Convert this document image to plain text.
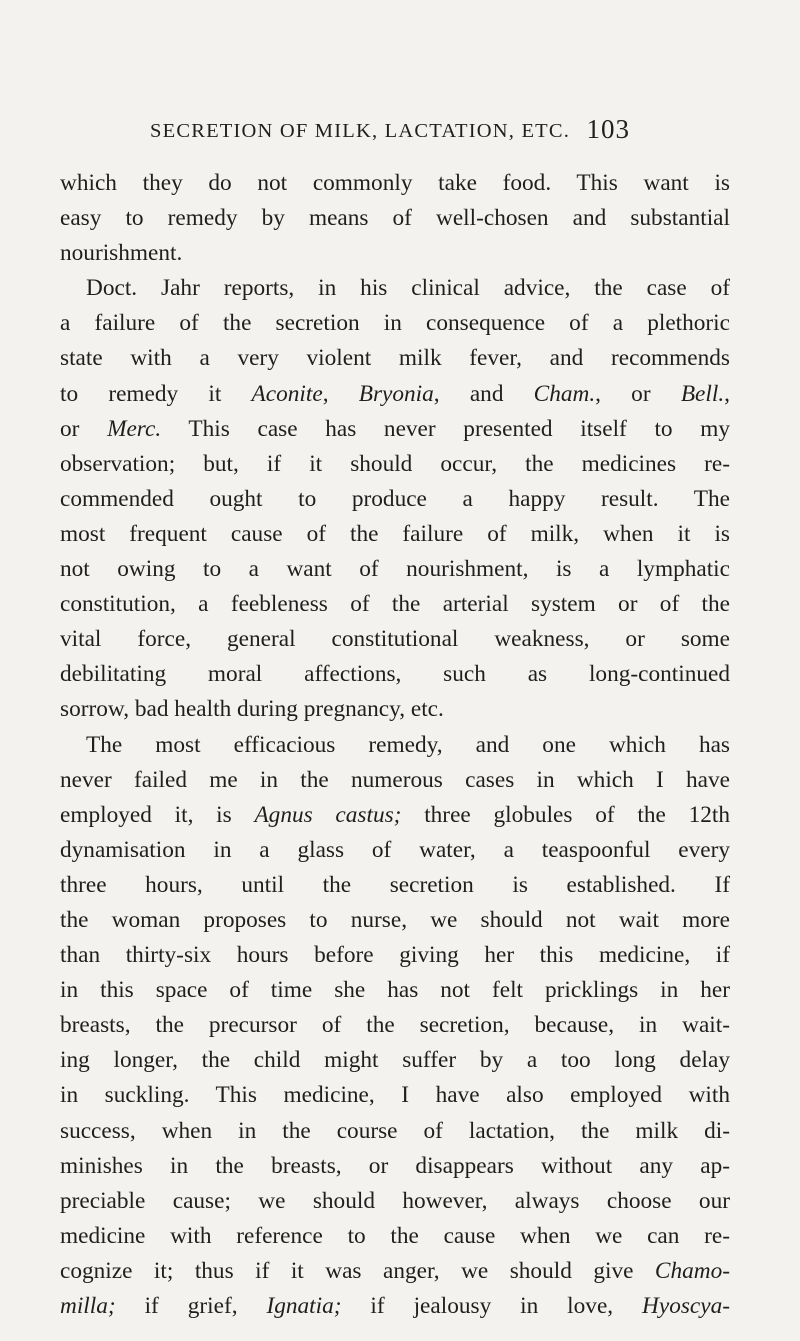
SECRETION OF MILK, LACTATION, ETC. 103
which they do not commonly take food. This want is
easy to remedy by means of well-chosen and substantial
nourishment.
Doct. Jahr reports, in his clinical advice, the case of
a failure of the secretion in consequence of a plethoric
state with a very violent milk fever, and recommends
to remedy it Aconite, Bryonia, and Cham., or Bell.,
or Merc. This case has never presented itself to my
observation; but, if it should occur, the medicines re-
commended ought to produce a happy result. The
most frequent cause of the failure of milk, when it is
not owing to a want of nourishment, is a lymphatic
constitution, a feebleness of the arterial system or of the
vital force, general constitutional weakness, or some
debilitating moral affections, such as long-continued
sorrow, bad health during pregnancy, etc.
The most efficacious remedy, and one which has
never failed me in the numerous cases in which I have
employed it, is Agnus castus; three globules of the 12th
dynamisation in a glass of water, a teaspoonful every
three hours, until the secretion is established. If
the woman proposes to nurse, we should not wait more
than thirty-six hours before giving her this medicine, if
in this space of time she has not felt pricklings in her
breasts, the precursor of the secretion, because, in wait-
ing longer, the child might suffer by a too long delay
in suckling. This medicine, I have also employed with
success, when in the course of lactation, the milk di-
minishes in the breasts, or disappears without any ap-
preciable cause; we should however, always choose our
medicine with reference to the cause when we can re-
cognize it; thus if it was anger, we should give Chamo-
milla; if grief, Ignatia; if jealousy in love, Hyoscya-
